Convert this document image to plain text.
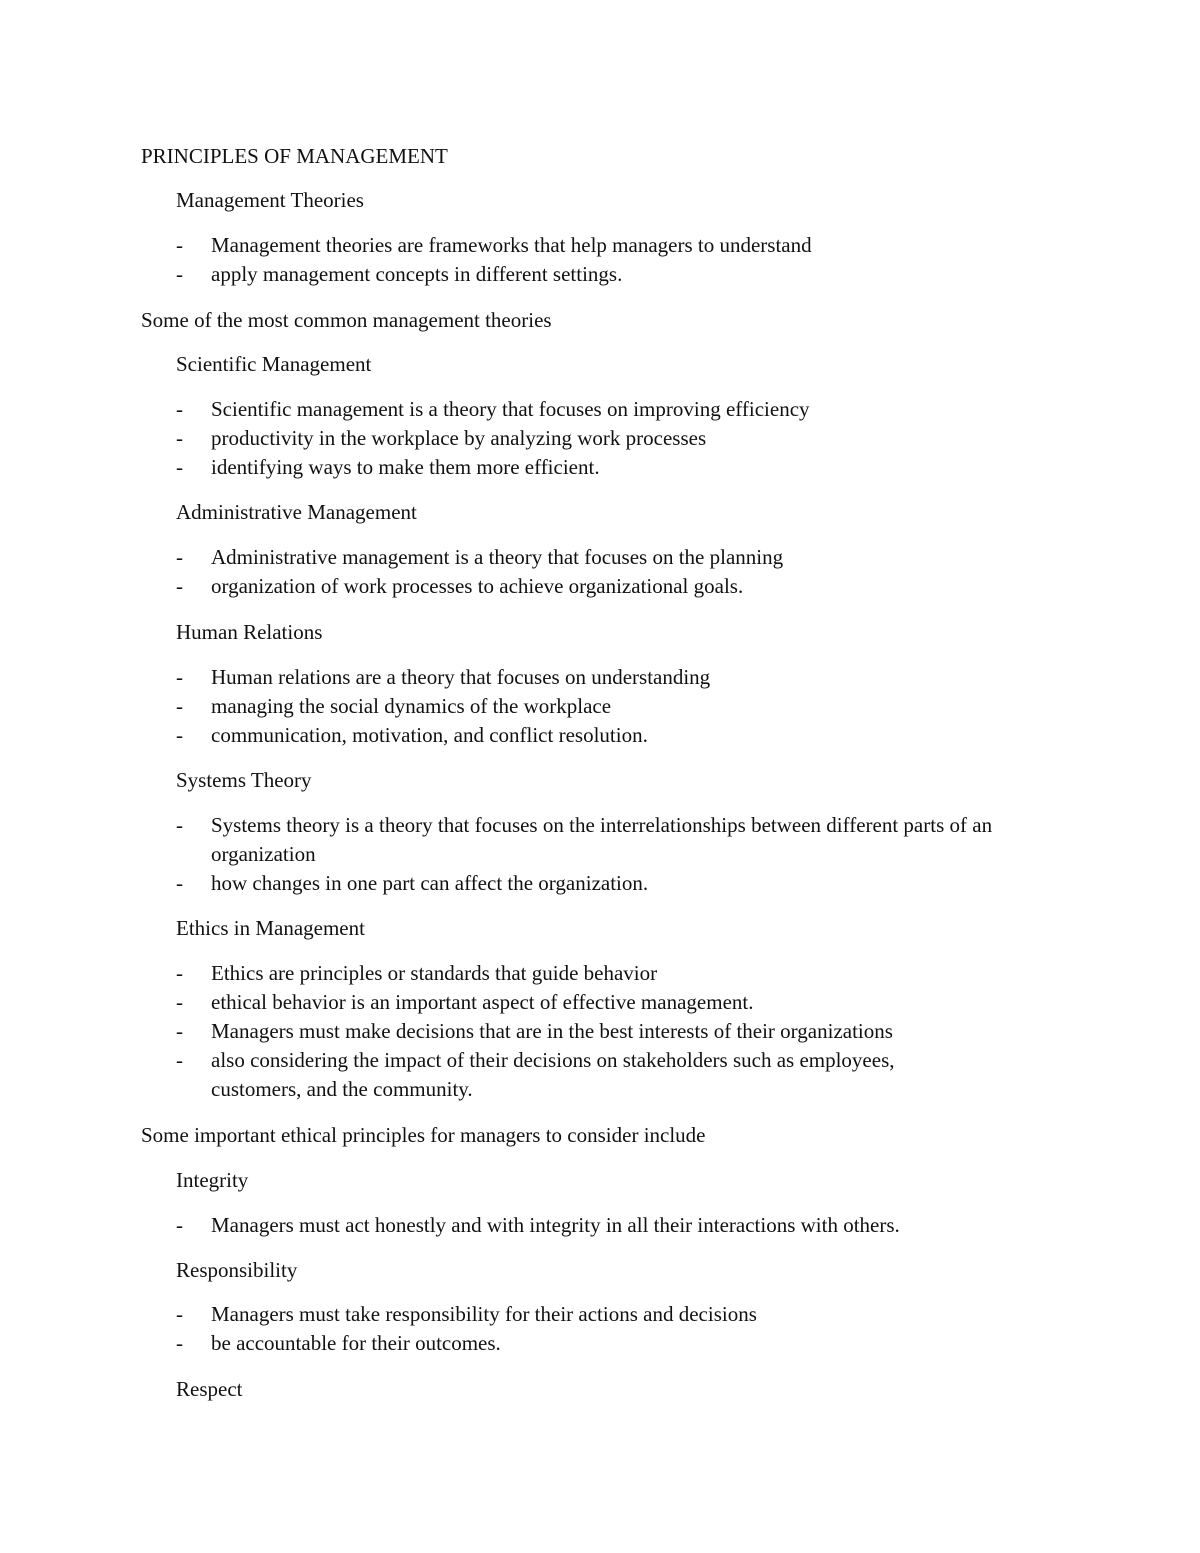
PRINCIPLES OF MANAGEMENT
Management Theories
- Management theories are frameworks that help managers to understand
- apply management concepts in different settings.

Some of the most common management theories

Scientific Management
- Scientific management is a theory that focuses on improving efficiency
- productivity in the workplace by analyzing work processes
- identifying ways to make them more efficient.
Administrative Management
- Administrative management is a theory that focuses on the planning
- organization of work processes to achieve organizational goals.
Human Relations
- Human relations are a theory that focuses on understanding
- managing the social dynamics of the workplace
- communication, motivation, and conflict resolution.
Systems Theory
- Systems theory is a theory that focuses on the interrelationships between different parts of an organization
- how changes in one part can affect the organization.
Ethics in Management
- Ethics are principles or standards that guide behavior
- ethical behavior is an important aspect of effective management.
- Managers must make decisions that are in the best interests of their organizations
- also considering the impact of their decisions on stakeholders such as employees, customers, and the community.

Some important ethical principles for managers to consider include

Integrity
- Managers must act honestly and with integrity in all their interactions with others.
Responsibility
- Managers must take responsibility for their actions and decisions
- be accountable for their outcomes.
Respect
